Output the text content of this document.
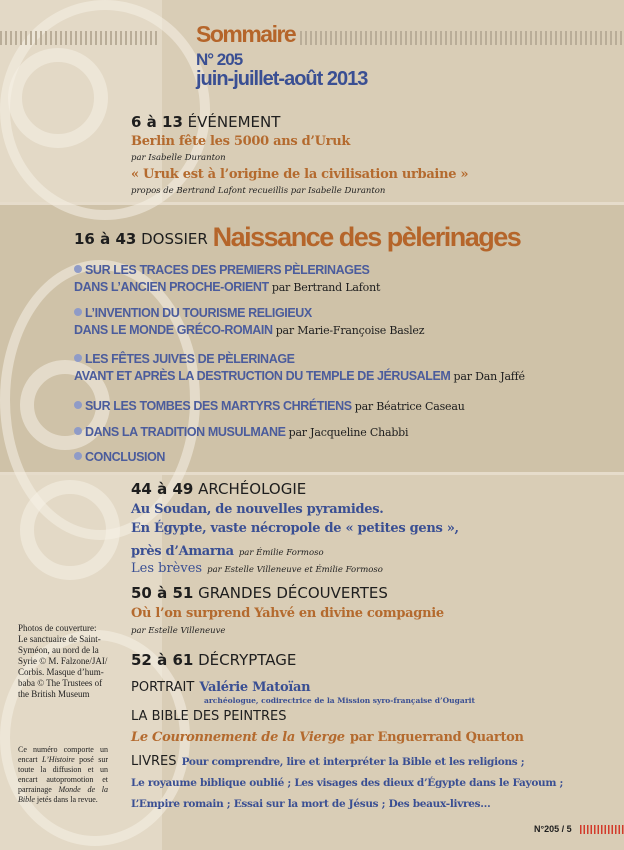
Sommaire
N° 205
juin-juillet-août 2013
6 à 13 ÉVÉNEMENT
Berlin fête les 5000 ans d’Uruk
par Isabelle Duranton
« Uruk est à l’origine de la civilisation urbaine »
propos de Bertrand Lafont recueillis par Isabelle Duranton
16 à 43 DOSSIER Naissance des pèlerinages
SUR LES TRACES DES PREMIERS PÈLERINAGES
DANS L’ANCIEN PROCHE-ORIENT par Bertrand Lafont
L’INVENTION DU TOURISME RELIGIEUX
DANS LE MONDE GRÉCO-ROMAIN par Marie-Françoise Baslez
LES FÊTES JUIVES DE PÈLERINAGE
AVANT ET APRÈS LA DESTRUCTION DU TEMPLE DE JÉRUSALEM par Dan Jaffé
SUR LES TOMBES DES MARTYRS CHRÉTIENS par Béatrice Caseau
DANS LA TRADITION MUSULMANE par Jacqueline Chabbi
CONCLUSION
44 à 49 ARCHÉOLOGIE
Au Soudan, de nouvelles pyramides.
En Égypte, vaste nécropole de « petites gens »,
près d’Amarna par Émilie Formoso
Les brèves par Estelle Villeneuve et Émilie Formoso
50 à 51 GRANDES DÉCOUVERTES
Où l’on surprend Yahvé en divine compagnie
par Estelle Villeneuve
52 à 61 DÉCRYPTAGE
PORTRAIT Valérie Matoïan
archéologue, codirectrice de la Mission syro-française d’Ougarit
LA BIBLE DES PEINTRES
Le Couronnement de la Vierge par Enguerrand Quarton
LIVRES Pour comprendre, lire et interpréter la Bible et les religions ;
Le royaume biblique oublié ; Les visages des dieux d’Égypte dans le Fayoum ;
L’Empire romain ; Essai sur la mort de Jésus ; Des beaux-livres…
Photos de couverture:
Le sanctuaire de Saint-
Syméon, au nord de la
Syrie © M. Falzone/JAI/
Corbis. Masque d’hum-
baba © The Trustees of
the British Museum
Ce numéro comporte un encart L’Histoire posé sur toute la diffusion et un encart autopromotion et parrainage Monde de la Bible jetés dans la revue.
N°205 / 5
